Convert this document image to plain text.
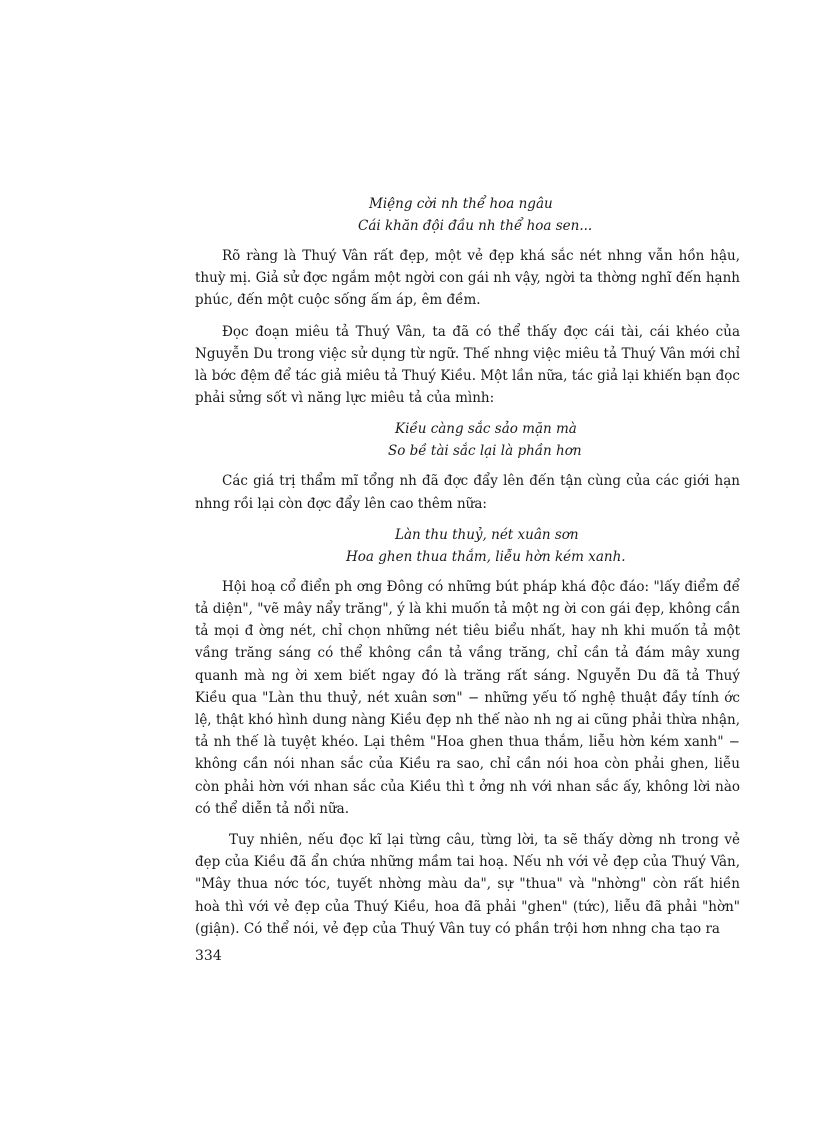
Miệng cời nh thể hoa ngâu

Cái khăn đội đầu nh thể hoa sen...

Rõ ràng là Thuý Vân rất đẹp, một vẻ đẹp khá sắc nét nhng vẫn hồn hậu, thuỳ mị. Giả sử đợc ngắm một ngời con gái nh vậy, ngời ta thờng nghĩ đến hạnh phúc, đến một cuộc sống ấm áp, êm đềm.

Đọc đoạn miêu tả Thuý Vân, ta đã có thể thấy đợc cái tài, cái khéo của Nguyễn Du trong việc sử dụng từ ngữ. Thế nhng việc miêu tả Thuý Vân mới chỉ là bớc đệm để tác giả miêu tả Thuý Kiều. Một lần nữa, tác giả lại khiến bạn đọc phải sửng sốt vì năng lực miêu tả của mình:

Kiều càng sắc sảo mặn mà

So bề tài sắc lại là phần hơn

Các giá trị thẩm mĩ tổng nh đã đợc đẩy lên đến tận cùng của các giới hạn nhng rồi lại còn đợc đẩy lên cao thêm nữa:

Làn thu thuỷ, nét xuân sơn

Hoa ghen thua thắm, liễu hờn kém xanh.

Hội hoạ cổ điển ph ơng Đông có những bút pháp khá độc đáo: "lấy điểm để tả diện", "vẽ mây nẩy trăng", ý là khi muốn tả một ng ời con gái đẹp, không cần tả mọi đ ờng nét, chỉ chọn những nét tiêu biểu nhất, hay nh khi muốn tả một vầng trăng sáng có thể không cần tả vầng trăng, chỉ cần tả đám mây xung quanh mà ng ời xem biết ngay đó là trăng rất sáng. Nguyễn Du đã tả Thuý Kiều qua "Làn thu thuỷ, nét xuân sơn" − những yếu tố nghệ thuật đầy tính ớc lệ, thật khó hình dung nàng Kiều đẹp nh thế nào nh ng ai cũng phải thừa nhận, tả nh thế là tuyệt khéo. Lại thêm "Hoa ghen thua thắm, liễu hờn kém xanh" − không cần nói nhan sắc của Kiều ra sao, chỉ cần nói hoa còn phải ghen, liễu còn phải hờn với nhan sắc của Kiều thì t ởng nh với nhan sắc ấy, không lời nào có thể diễn tả nổi nữa.

Tuy nhiên, nếu đọc kĩ lại từng câu, từng lời, ta sẽ thấy dờng nh trong vẻ đẹp của Kiều đã ẩn chứa những mầm tai hoạ. Nếu nh với vẻ đẹp của Thuý Vân, "Mây thua nớc tóc, tuyết nhờng màu da", sự "thua" và "nhờng" còn rất hiền hoà thì với vẻ đẹp của Thuý Kiều, hoa đã phải "ghen" (tức), liễu đã phải "hờn" (giận). Có thể nói, vẻ đẹp của Thuý Vân tuy có phần trội hơn nhng cha tạo ra

334
